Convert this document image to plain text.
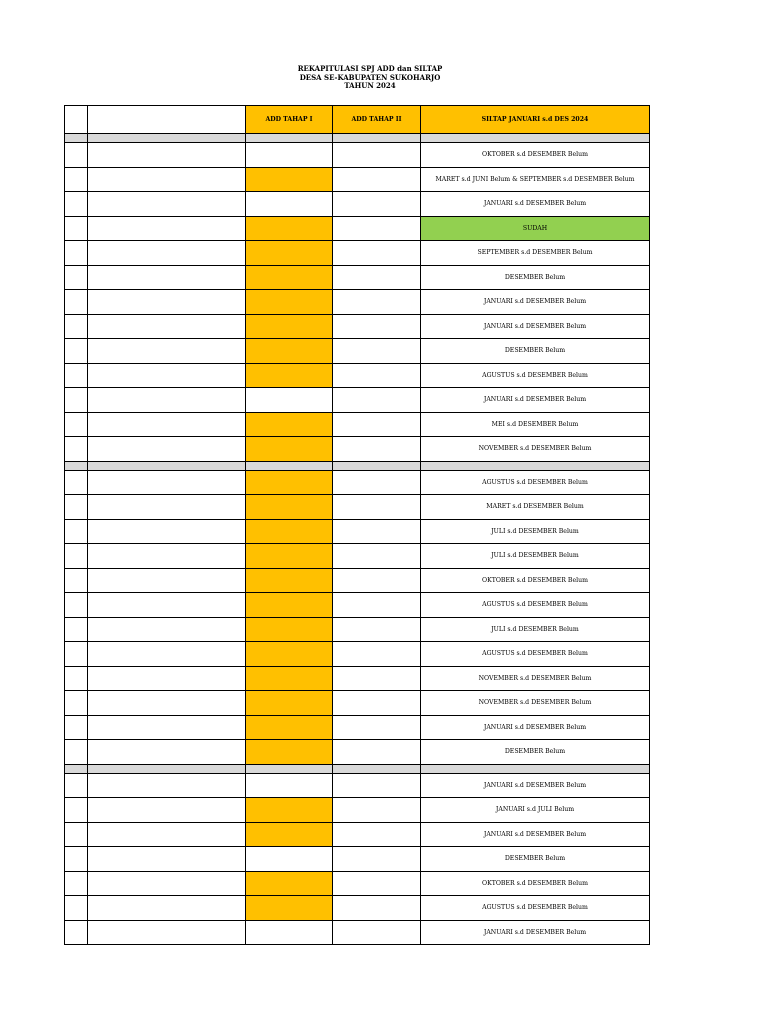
REKAPITULASI SPJ ADD dan SILTAP
DESA SE-KABUPATEN SUKOHARJO
TAHUN 2024
		ADD TAHAP I	ADD TAHAP II	SILTAP JANUARI s.d DES 2024

				OKTOBER s.d DESEMBER Belum
				MARET s.d JUNI Belum & SEPTEMBER s.d DESEMBER Belum
				JANUARI s.d DESEMBER Belum
				SUDAH
				SEPTEMBER s.d DESEMBER Belum
				DESEMBER Belum
				JANUARI s.d DESEMBER Belum
				JANUARI s.d DESEMBER Belum
				DESEMBER Belum
				AGUSTUS s.d DESEMBER Belum
				JANUARI s.d DESEMBER Belum
				MEI s.d DESEMBER Belum
				NOVEMBER s.d DESEMBER Belum

				AGUSTUS s.d DESEMBER Belum
				MARET s.d DESEMBER Belum
				JULI s.d DESEMBER Belum
				JULI s.d DESEMBER Belum
				OKTOBER s.d DESEMBER Belum
				AGUSTUS s.d DESEMBER Belum
				JULI s.d DESEMBER Belum
				AGUSTUS s.d DESEMBER Belum
				NOVEMBER s.d DESEMBER Belum
				NOVEMBER s.d DESEMBER Belum
				JANUARI s.d DESEMBER Belum
				DESEMBER Belum

				JANUARI s.d DESEMBER Belum
				JANUARI s.d JULI Belum
				JANUARI s.d DESEMBER Belum
				DESEMBER Belum
				OKTOBER s.d DESEMBER Belum
				AGUSTUS s.d DESEMBER Belum
				JANUARI s.d DESEMBER Belum
